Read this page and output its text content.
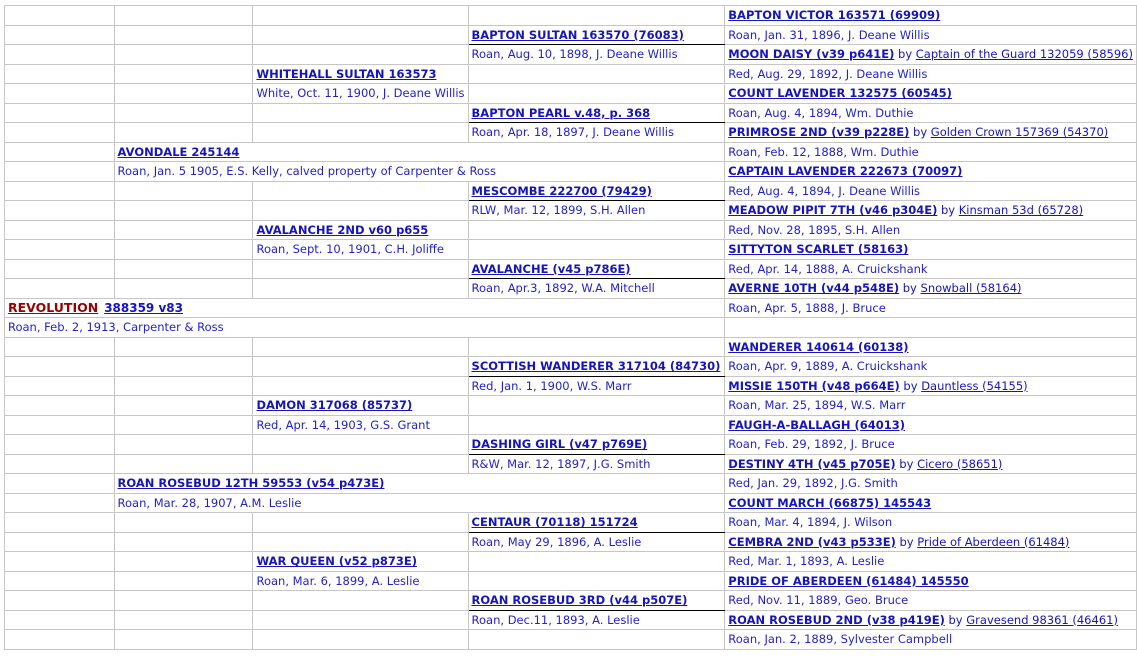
				BAPTON VICTOR 163571 (69909)
			BAPTON SULTAN 163570 (76083)	Roan, Jan. 31, 1896, J. Deane Willis
			Roan, Aug. 10, 1898, J. Deane Willis	MOON DAISY (v39 p641E) by Captain of the Guard 132059 (58596)
		WHITEHALL SULTAN 163573		Red, Aug. 29, 1892, J. Deane Willis
		White, Oct. 11, 1900, J. Deane Willis		COUNT LAVENDER 132575 (60545)
			BAPTON PEARL v.48, p. 368	Roan, Aug. 4, 1894, Wm. Duthie
			Roan, Apr. 18, 1897, J. Deane Willis	PRIMROSE 2ND (v39 p228E) by Golden Crown 157369 (54370)
	AVONDALE 245144			Roan, Feb. 12, 1888, Wm. Duthie
	Roan, Jan. 5 1905, E.S. Kelly, calved property of Carpenter & Ross			CAPTAIN LAVENDER 222673 (70097)
			MESCOMBE 222700 (79429)	Red, Aug. 4, 1894, J. Deane Willis
			RLW, Mar. 12, 1899, S.H. Allen	MEADOW PIPIT 7TH (v46 p304E) by Kinsman 53d (65728)
		AVALANCHE 2ND v60 p655		Red, Nov. 28, 1895, S.H. Allen
		Roan, Sept. 10, 1901, C.H. Joliffe		SITTYTON SCARLET (58163)
			AVALANCHE (v45 p786E)	Red, Apr. 14, 1888, A. Cruickshank
			Roan, Apr.3, 1892, W.A. Mitchell	AVERNE 10TH (v44 p548E) by Snowball (58164)
REVOLUTION 388359 v83				Roan, Apr. 5, 1888, J. Bruce
Roan, Feb. 2, 1913, Carpenter & Ross				
				WANDERER 140614 (60138)
			SCOTTISH WANDERER 317104 (84730)	Roan, Apr. 9, 1889, A. Cruickshank
			Red, Jan. 1, 1900, W.S. Marr	MISSIE 150TH (v48 p664E) by Dauntless (54155)
		DAMON 317068 (85737)		Roan, Mar. 25, 1894, W.S. Marr
		Red, Apr. 14, 1903, G.S. Grant		FAUGH-A-BALLAGH (64013)
			DASHING GIRL (v47 p769E)	Roan, Feb. 29, 1892, J. Bruce
			R&W, Mar. 12, 1897, J.G. Smith	DESTINY 4TH (v45 p705E) by Cicero (58651)
	ROAN ROSEBUD 12TH 59553 (v54 p473E)			Red, Jan. 29, 1892, J.G. Smith
	Roan, Mar. 28, 1907, A.M. Leslie			COUNT MARCH (66875) 145543
			CENTAUR (70118) 151724	Roan, Mar. 4, 1894, J. Wilson
			Roan, May 29, 1896, A. Leslie	CEMBRA 2ND (v43 p533E) by Pride of Aberdeen (61484)
		WAR QUEEN (v52 p873E)		Red, Mar. 1, 1893, A. Leslie
		Roan, Mar. 6, 1899, A. Leslie		PRIDE OF ABERDEEN (61484) 145550
			ROAN ROSEBUD 3RD (v44 p507E)	Red, Nov. 11, 1889, Geo. Bruce
			Roan, Dec.11, 1893, A. Leslie	ROAN ROSEBUD 2ND (v38 p419E) by Gravesend 98361 (46461)
				Roan, Jan. 2, 1889, Sylvester Campbell
